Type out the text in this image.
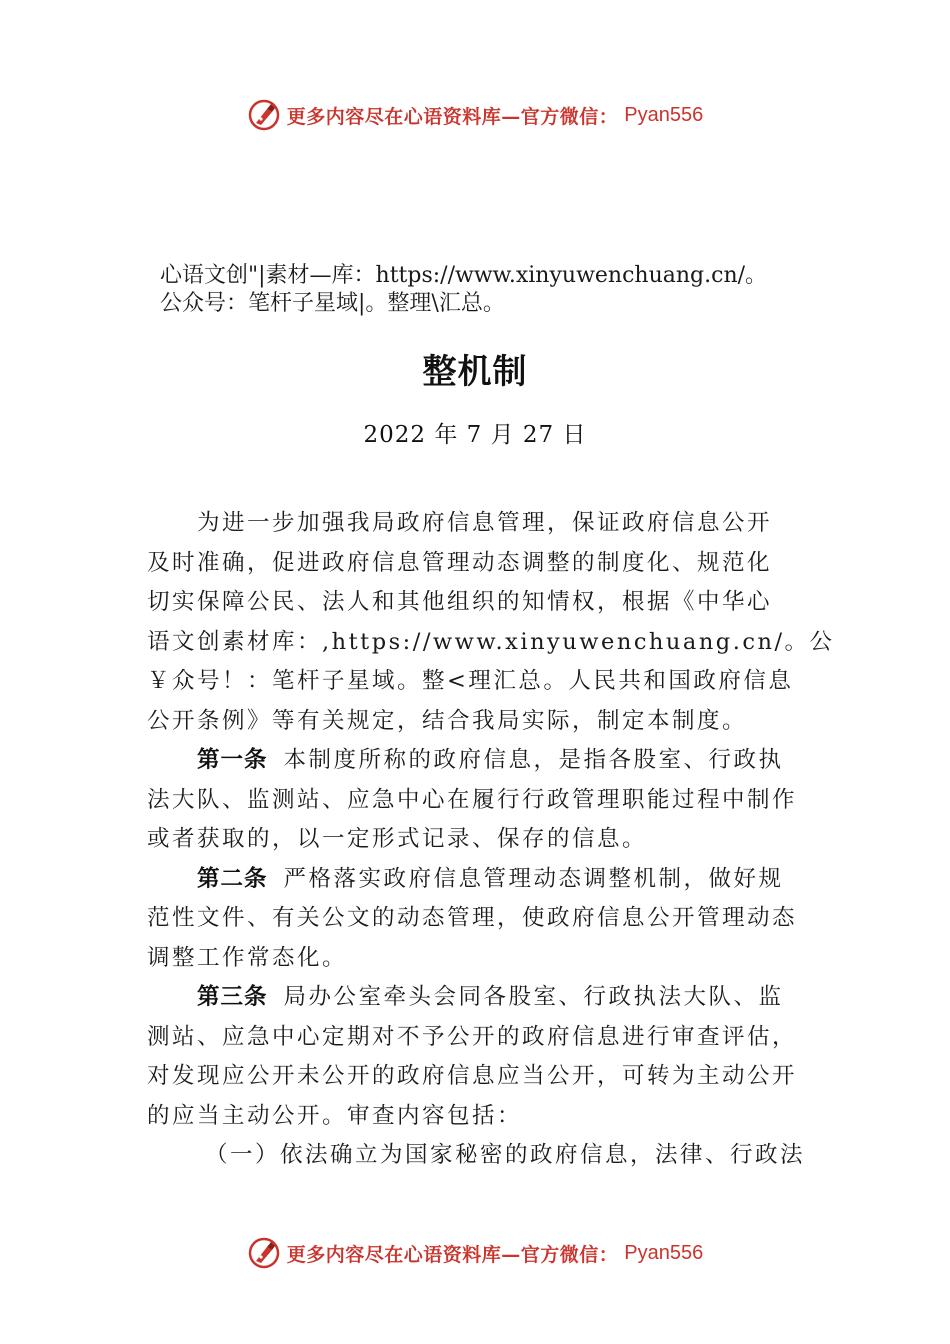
更多内容尽在心语资料库—官方微信： Pyan556
心语文创"|素材—库：https://www.xinyuwenchuang.cn/。
公众号：笔杆子星域|。整理\汇总。
整机制
2022 年 7 月 27 日
为进一步加强我局政府信息管理，保证政府信息公开
及时准确，促进政府信息管理动态调整的制度化、规范化
切实保障公民、法人和其他组织的知情权，根据《中华心
语文创素材库：,https://www.xinyuwenchuang.cn/。公
￥众号！：笔杆子星域。整<理汇总。人民共和国政府信息
公开条例》等有关规定，结合我局实际，制定本制度。
第一条 本制度所称的政府信息，是指各股室、行政执
法大队、监测站、应急中心在履行行政管理职能过程中制作
或者获取的，以一定形式记录、保存的信息。
第二条 严格落实政府信息管理动态调整机制，做好规
范性文件、有关公文的动态管理，使政府信息公开管理动态
调整工作常态化。
第三条 局办公室牵头会同各股室、行政执法大队、监
测站、应急中心定期对不予公开的政府信息进行审查评估，
对发现应公开未公开的政府信息应当公开，可转为主动公开
的应当主动公开。审查内容包括：
（一）依法确立为国家秘密的政府信息，法律、行政法
更多内容尽在心语资料库—官方微信： Pyan556
